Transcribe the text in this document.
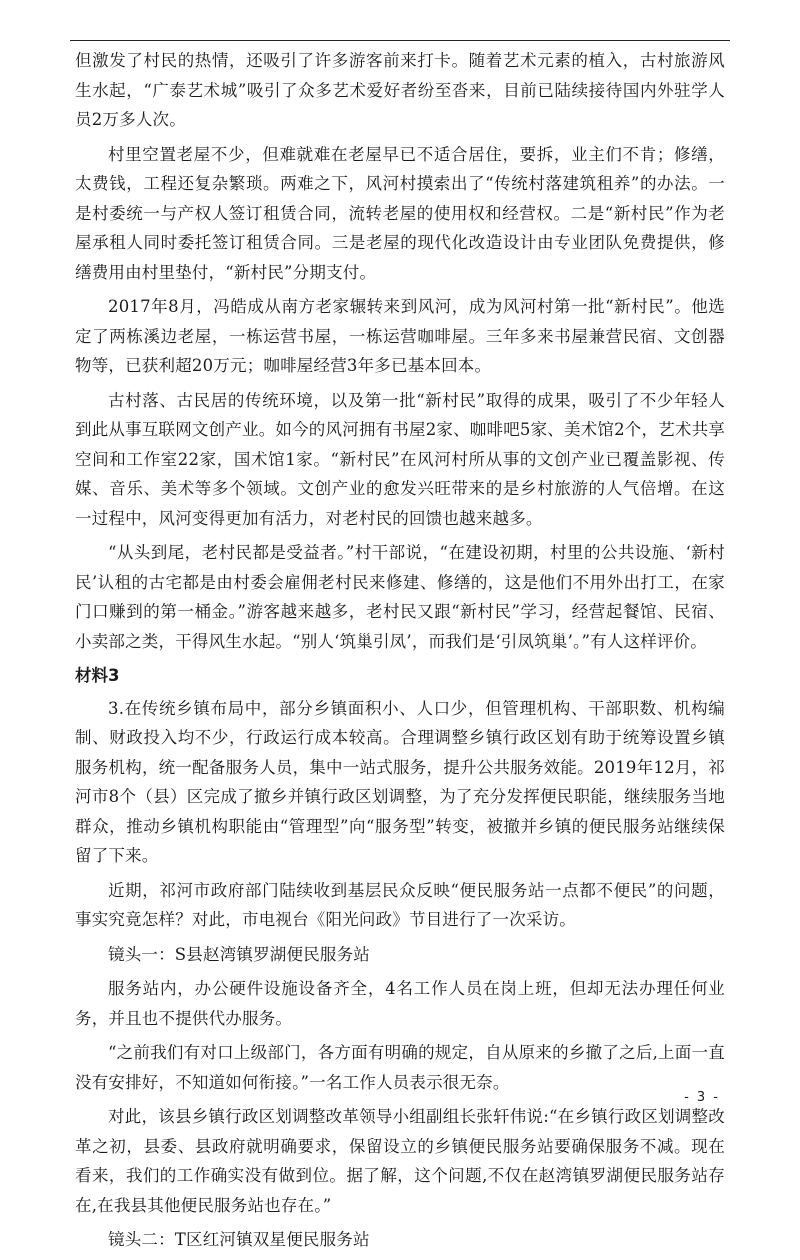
但激发了村民的热情，还吸引了许多游客前来打卡。随着艺术元素的植入，古村旅游风生水起，“广泰艺术城”吸引了众多艺术爱好者纷至沓来，目前已陆续接待国内外驻学人员2万多人次。

村里空置老屋不少，但难就难在老屋早已不适合居住，要拆，业主们不肯；修缮，太费钱，工程还复杂繁琐。两难之下，风河村摸索出了“传统村落建筑租养”的办法。一是村委统一与产权人签订租赁合同，流转老屋的使用权和经营权。二是“新村民”作为老屋承租人同时委托签订租赁合同。三是老屋的现代化改造设计由专业团队免费提供，修缮费用由村里垫付，“新村民”分期支付。

2017年8月，冯皓成从南方老家辗转来到风河，成为风河村第一批“新村民”。他选定了两栋溪边老屋，一栋运营书屋，一栋运营咖啡屋。三年多来书屋兼营民宿、文创器物等，已获利超20万元；咖啡屋经营3年多已基本回本。

古村落、古民居的传统环境，以及第一批“新村民”取得的成果，吸引了不少年轻人到此从事互联网文创产业。如今的风河拥有书屋2家、咖啡吧5家、美术馆2个，艺术共享空间和工作室22家，国术馆1家。“新村民”在风河村所从事的文创产业已覆盖影视、传媒、音乐、美术等多个领域。文创产业的愈发兴旺带来的是乡村旅游的人气倍增。在这一过程中，风河变得更加有活力，对老村民的回馈也越来越多。

“从头到尾，老村民都是受益者。”村干部说，“在建设初期，村里的公共设施、‘新村民’认租的古宅都是由村委会雇佣老村民来修建、修缮的，这是他们不用外出打工，在家门口赚到的第一桶金。”游客越来越多，老村民又跟“新村民”学习，经营起餐馆、民宿、小卖部之类，干得风生水起。“别人‘筑巢引凤’，而我们是‘引凤筑巢’。”有人这样评价。

材料3

3.在传统乡镇布局中，部分乡镇面积小、人口少，但管理机构、干部职数、机构编制、财政投入均不少，行政运行成本较高。合理调整乡镇行政区划有助于统筹设置乡镇服务机构，统一配备服务人员，集中一站式服务，提升公共服务效能。2019年12月，祁河市8个（县）区完成了撤乡并镇行政区划调整，为了充分发挥便民职能，继续服务当地群众，推动乡镇机构职能由“管理型”向“服务型”转变，被撤并乡镇的便民服务站继续保留了下来。

近期，祁河市政府部门陆续收到基层民众反映“便民服务站一点都不便民”的问题，事实究竟怎样？对此，市电视台《阳光问政》节目进行了一次采访。

镜头一：S县赵湾镇罗湖便民服务站

服务站内，办公硬件设施设备齐全，4名工作人员在岗上班，但却无法办理任何业务，并且也不提供代办服务。

“之前我们有对口上级部门，各方面有明确的规定，自从原来的乡撤了之后,上面一直没有安排好，不知道如何衔接。”一名工作人员表示很无奈。

对此，该县乡镇行政区划调整改革领导小组副组长张轩伟说:“在乡镇行政区划调整改革之初，县委、县政府就明确要求，保留设立的乡镇便民服务站要确保服务不减。现在看来，我们的工作确实没有做到位。据了解，这个问题,不仅在赵湾镇罗湖便民服务站存在,在我县其他便民服务站也存在。”

镜头二：T区红河镇双星便民服务站

- 3 -
